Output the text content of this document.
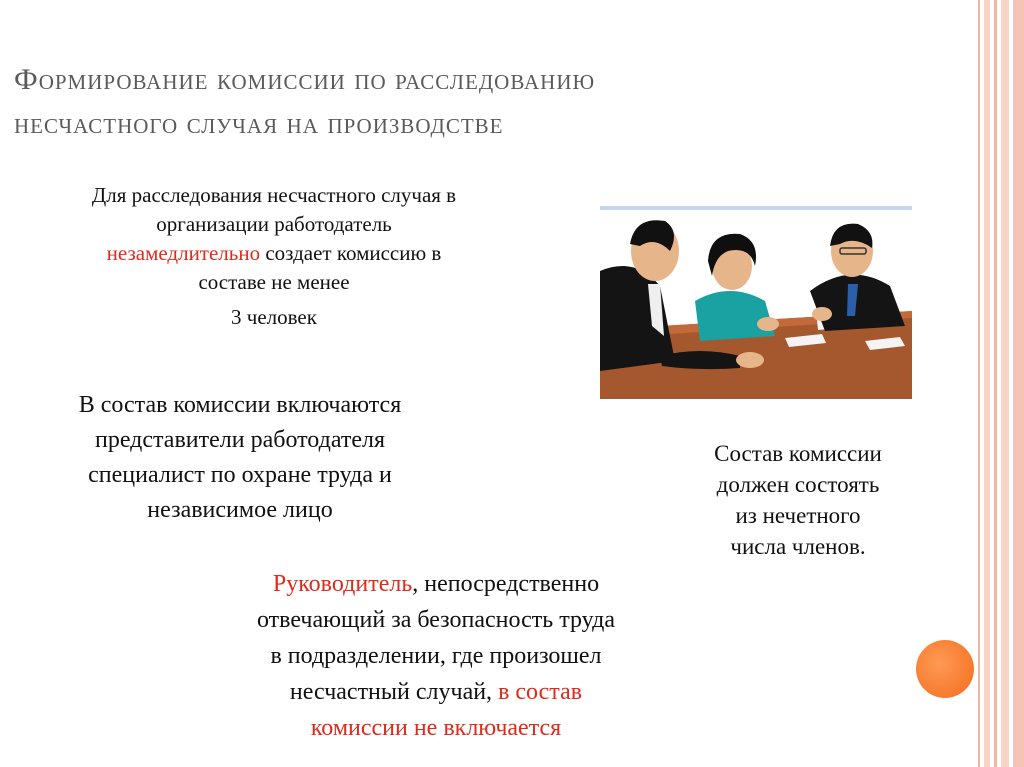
Формирование комиссии по расследованию
несчастного случая на производстве
Для расследования несчастного случая в
организации работодатель
незамедлительно создает комиссию в
составе не менее
3 человек
В состав комиссии включаются
представители работодателя
специалист по охране труда и
независимое лицо
Состав комиссии
должен состоять
из нечетного
числа членов.
Руководитель, непосредственно
отвечающий за безопасность труда
в подразделении, где произошел
несчастный случай, в состав
комиссии не включается
